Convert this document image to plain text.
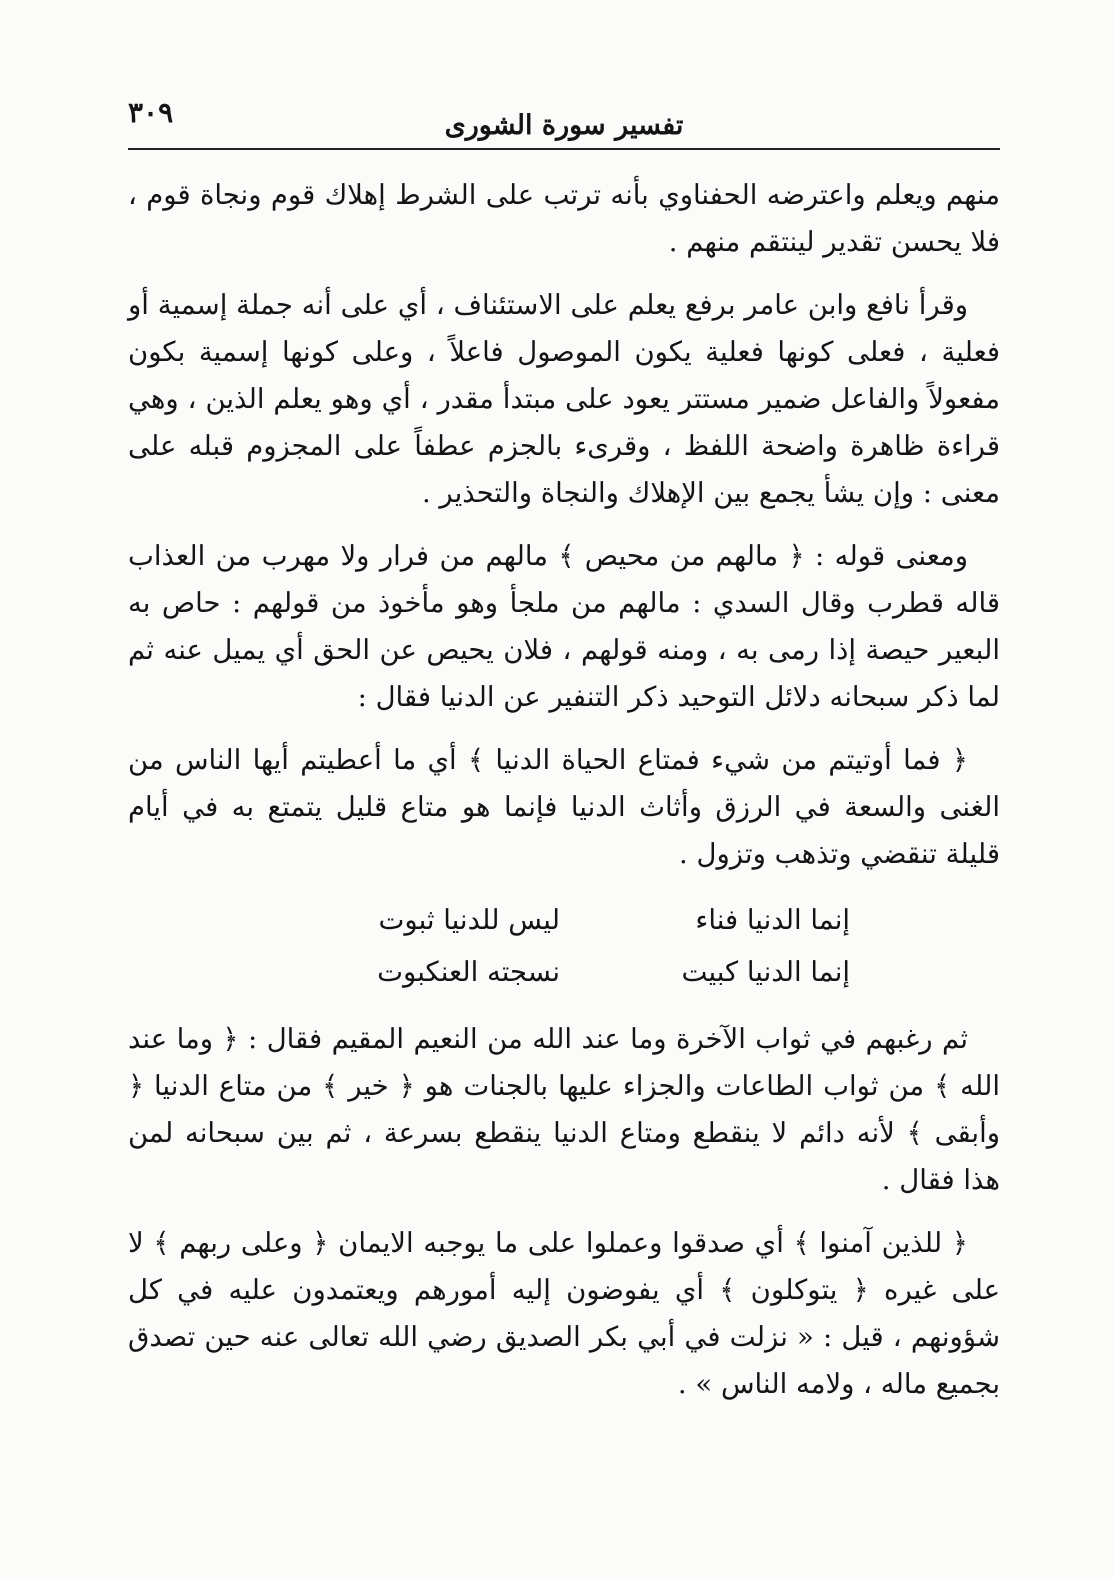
٣٠٩	تفسير سورة الشورى

منهم ويعلم واعترضه الحفناوي بأنه ترتب على الشرط إهلاك قوم ونجاة قوم ، فلا يحسن تقدير لينتقم منهم .

وقرأ نافع وابن عامر برفع يعلم على الاستئناف ، أي على أنه جملة إسمية أو فعلية ، فعلى كونها فعلية يكون الموصول فاعلاً ، وعلى كونها إسمية بكون مفعولاً والفاعل ضمير مستتر يعود على مبتدأ مقدر ، أي وهو يعلم الذين ، وهي قراءة ظاهرة واضحة اللفظ ، وقرىء بالجزم عطفاً على المجزوم قبله على معنى : وإن يشأ يجمع بين الإهلاك والنجاة والتحذير .

ومعنى قوله : ﴿ مالهم من محيص ﴾ مالهم من فرار ولا مهرب من العذاب قاله قطرب وقال السدي : مالهم من ملجأ وهو مأخوذ من قولهم : حاص به البعير حيصة إذا رمى به ، ومنه قولهم ، فلان يحيص عن الحق أي يميل عنه ثم لما ذكر سبحانه دلائل التوحيد ذكر التنفير عن الدنيا فقال :

﴿ فما أوتيتم من شيء فمتاع الحياة الدنيا ﴾ أي ما أعطيتم أيها الناس من الغنى والسعة في الرزق وأثاث الدنيا فإنما هو متاع قليل يتمتع به في أيام قليلة تنقضي وتذهب وتزول .

إنما الدنيا فناء
ليس للدنيا ثبوت
إنما الدنيا كبيت
نسجته العنكبوت

ثم رغبهم في ثواب الآخرة وما عند الله من النعيم المقيم فقال : ﴿ وما عند الله ﴾ من ثواب الطاعات والجزاء عليها بالجنات هو ﴿ خير ﴾ من متاع الدنيا ﴿ وأبقى ﴾ لأنه دائم لا ينقطع ومتاع الدنيا ينقطع بسرعة ، ثم بين سبحانه لمن هذا فقال .

﴿ للذين آمنوا ﴾ أي صدقوا وعملوا على ما يوجبه الايمان ﴿ وعلى ربهم ﴾ لا على غيره ﴿ يتوكلون ﴾ أي يفوضون إليه أمورهم ويعتمدون عليه في كل شؤونهم ، قيل : « نزلت في أبي بكر الصديق رضي الله تعالى عنه حين تصدق بجميع ماله ، ولامه الناس » .
